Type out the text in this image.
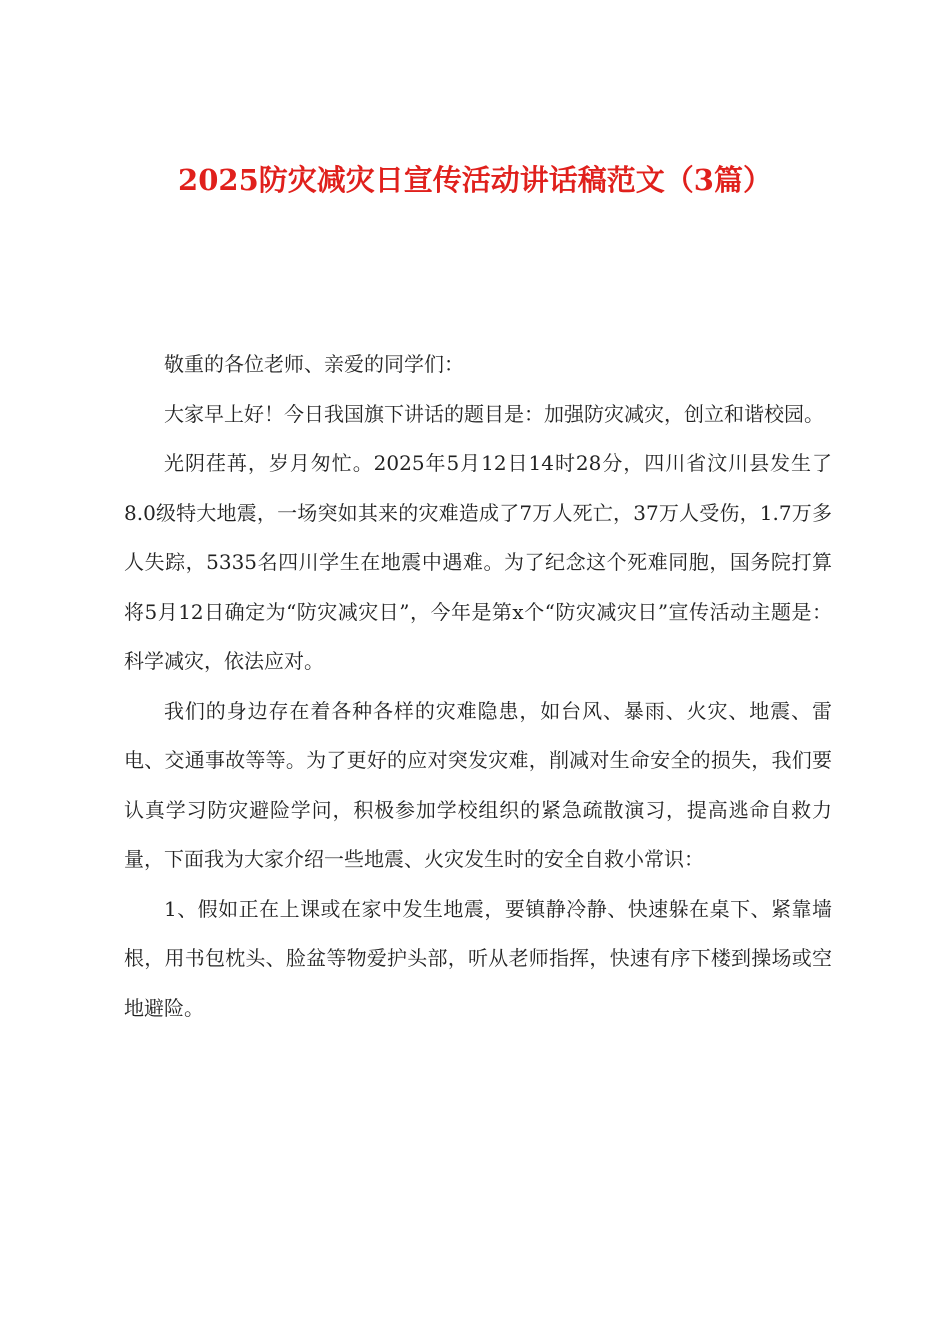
2025防灾减灾日宣传活动讲话稿范文（3篇）

敬重的各位老师、亲爱的同学们：

大家早上好！今日我国旗下讲话的题目是：加强防灾减灾，创立和谐校园。

光阴荏苒，岁月匆忙。2025年5月12日14时28分，四川省汶川县发生了8.0级特大地震，一场突如其来的灾难造成了7万人死亡，37万人受伤，1.7万多人失踪，5335名四川学生在地震中遇难。为了纪念这个死难同胞，国务院打算将5月12日确定为“防灾减灾日”，今年是第x个“防灾减灾日”宣传活动主题是：科学减灾，依法应对。

我们的身边存在着各种各样的灾难隐患，如台风、暴雨、火灾、地震、雷电、交通事故等等。为了更好的应对突发灾难，削减对生命安全的损失，我们要认真学习防灾避险学问，积极参加学校组织的紧急疏散演习，提高逃命自救力量，下面我为大家介绍一些地震、火灾发生时的安全自救小常识：

1、假如正在上课或在家中发生地震，要镇静冷静、快速躲在桌下、紧靠墙根，用书包枕头、脸盆等物爱护头部，听从老师指挥，快速有序下楼到操场或空地避险。
